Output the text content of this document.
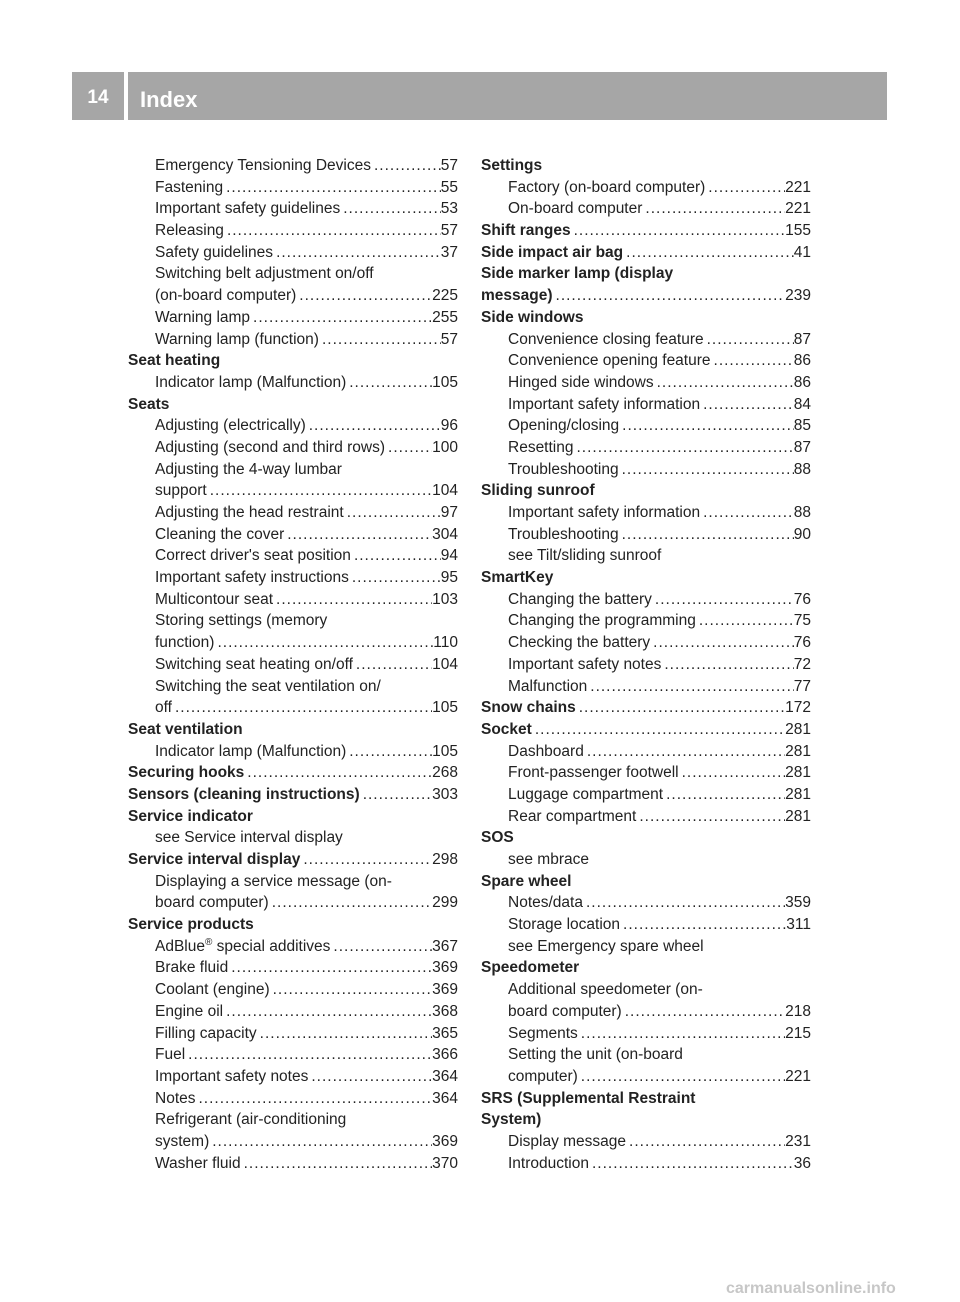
14	Index
Emergency Tensioning Devices .....	57
Fastening .....	55
Important safety guidelines .....	53
Releasing .....	57
Safety guidelines .....	37
Switching belt adjustment on/off
(on-board computer) .....	225
Warning lamp .....	255
Warning lamp (function) .....	57
Seat heating
Indicator lamp (Malfunction) .....	105
Seats
Adjusting (electrically) .....	96
Adjusting (second and third rows) .....	100
Adjusting the 4-way lumbar
support .....	104
Adjusting the head restraint .....	97
Cleaning the cover .....	304
Correct driver's seat position .....	94
Important safety instructions .....	95
Multicontour seat .....	103
Storing settings (memory
function) .....	110
Switching seat heating on/off .....	104
Switching the seat ventilation on/
off .....	105
Seat ventilation
Indicator lamp (Malfunction) .....	105
Securing hooks .....	268
Sensors (cleaning instructions) .....	303
Service indicator
see Service interval display
Service interval display .....	298
Displaying a service message (on-
board computer) .....	299
Service products
AdBlue® special additives .....	367
Brake fluid .....	369
Coolant (engine) .....	369
Engine oil .....	368
Filling capacity .....	365
Fuel .....	366
Important safety notes .....	364
Notes .....	364
Refrigerant (air-conditioning
system) .....	369
Washer fluid .....	370
Settings
Factory (on-board computer) .....	221
On-board computer .....	221
Shift ranges .....	155
Side impact air bag .....	41
Side marker lamp (display
message) .....	239
Side windows
Convenience closing feature .....	87
Convenience opening feature .....	86
Hinged side windows .....	86
Important safety information .....	84
Opening/closing .....	85
Resetting .....	87
Troubleshooting .....	88
Sliding sunroof
Important safety information .....	88
Troubleshooting .....	90
see Tilt/sliding sunroof
SmartKey
Changing the battery .....	76
Changing the programming .....	75
Checking the battery .....	76
Important safety notes .....	72
Malfunction .....	77
Snow chains .....	172
Socket .....	281
Dashboard .....	281
Front-passenger footwell .....	281
Luggage compartment .....	281
Rear compartment .....	281
SOS
see mbrace
Spare wheel
Notes/data .....	359
Storage location .....	311
see Emergency spare wheel
Speedometer
Additional speedometer (on-
board computer) .....	218
Segments .....	215
Setting the unit (on-board
computer) .....	221
SRS (Supplemental Restraint
System)
Display message .....	231
Introduction .....	36
carmanualsonline.info
